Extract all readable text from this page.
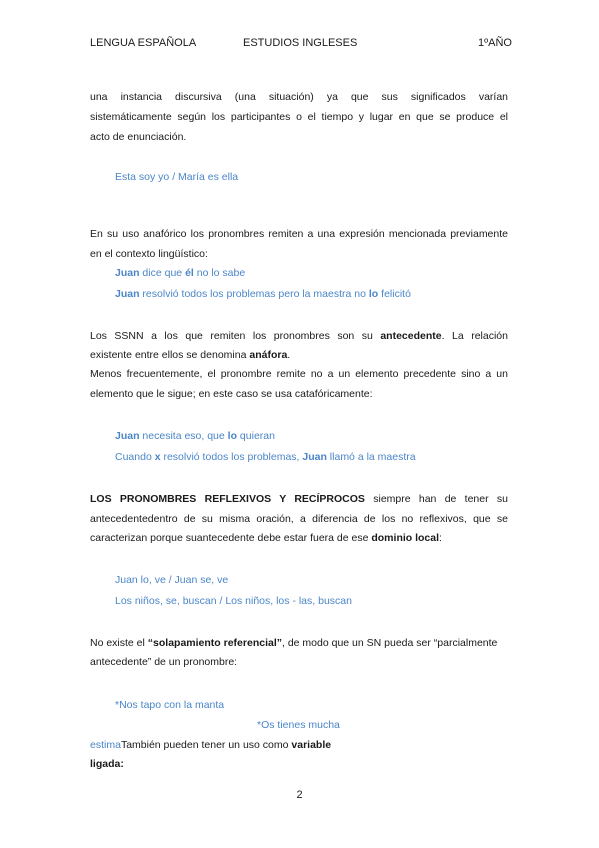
LENGUA ESPAÑOLA	ESTUDIOS INGLESES	1ºAÑO
una instancia discursiva (una situación) ya que sus significados varían
sistemáticamente según los participantes o el tiempo y lugar en que se produce el
acto de enunciación.
Esta soy yo / María es ella
En su uso anafórico los pronombres remiten a una expresión mencionada previamente
en el contexto lingüístico:
Juan dice que él no lo sabe
Juan resolvió todos los problemas pero la maestra no lo felicitó
Los SSNN a los que remiten los pronombres son su antecedente. La relación
existente entre ellos se denomina anáfora.
Menos frecuentemente, el pronombre remite no a un elemento precedente sino a un
elemento que le sigue; en este caso se usa catafóricamente:
Juan necesita eso, que lo quieran
Cuando x resolvió todos los problemas, Juan llamó a la maestra
LOS PRONOMBRES REFLEXIVOS Y RECÍPROCOS siempre han de tener su
antecedentedentro de su misma oración, a diferencia de los no reflexivos, que se
caracterizan porque suantecedente debe estar fuera de ese dominio local:
Juan lo, ve / Juan se, ve
Los niños, se, buscan / Los niños, los - las, buscan
No existe el “solapamiento referencial”, de modo que un SN pueda ser “parcialmente
antecedente” de un pronombre:
*Nos tapo con la manta
*Os tienes mucha
estimaTambién pueden tener un uso como variable
ligada:
2
